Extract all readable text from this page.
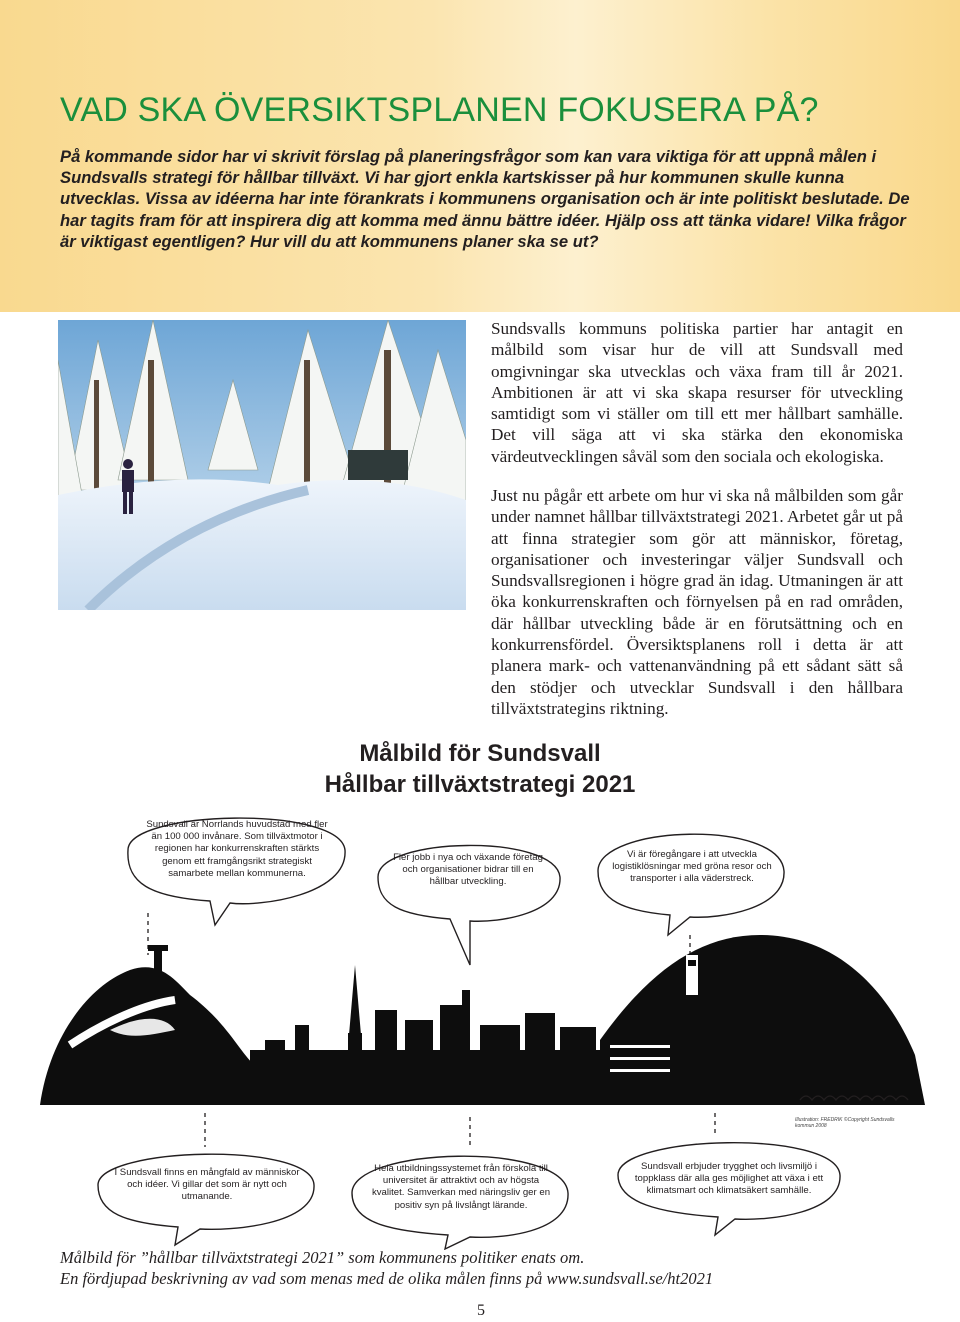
VAD SKA ÖVERSIKTSPLANEN FOKUSERA PÅ?

På kommande sidor har vi skrivit förslag på planeringsfrågor som kan vara viktiga för att uppnå målen i Sundsvalls strategi för hållbar tillväxt. Vi har gjort enkla kartskisser på hur kommunen skulle kunna utvecklas. Vissa av idéerna har inte förankrats i kommunens organisation och är inte politiskt beslutade. De har tagits fram för att inspirera dig att komma med ännu bättre idéer. Hjälp oss att tänka vidare! Vilka frågor är viktigast egentligen? Hur vill du att kommunens planer ska se ut?

Sundsvalls kommuns politiska partier har antagit en målbild som visar hur de vill att Sundsvall med omgivningar ska utvecklas och växa fram till år 2021. Ambitionen är att vi ska skapa resurser för utveckling samtidigt som vi ställer om till ett mer hållbart samhälle. Det vill säga att vi ska stärka den ekonomiska värdeutvecklingen såväl som den sociala och ekologiska.

Just nu pågår ett arbete om hur vi ska nå målbilden som går under namnet hållbar tillväxtstrategi 2021. Arbetet går ut på att finna strategier som gör att människor, företag, organisationer och investeringar väljer Sundsvall och Sundsvallsregionen i högre grad än idag. Utmaningen är att öka konkurrenskraften och förnyelsen på en rad områden, där hållbar utveckling både är en förutsättning och en konkurrensfördel. Översiktsplanens roll i detta är att planera mark- och vattenanvändning på ett sådant sätt så den stödjer och utvecklar Sundsvall i den hållbara tillväxtstrategins riktning.

Målbild för Sundsvall
Hållbar tillväxtstrategi 2021
Sundsvall är Norrlands huvudstad med fler än 100 000 invånare. Som tillväxtmotor i regionen har konkurrenskraften stärkts genom ett framgångsrikt strategiskt samarbete mellan kommunerna.
Fler jobb i nya och växande företag och organisationer bidrar till en hållbar utveckling.
Vi är föregångare i att utveckla logistiklösningar med gröna resor och transporter i alla väderstreck.
I Sundsvall finns en mångfald av människor och idéer. Vi gillar det som är nytt och utmanande.
Hela utbildningssystemet från förskola till universitet är attraktivt och av högsta kvalitet. Samverkan med näringsliv ger en positiv syn på livslångt lärande.
Sundsvall erbjuder trygghet och livsmiljö i toppklass där alla ges möjlighet att växa i ett klimatsmart och klimatsäkert samhälle.
Illustration: FREDRIK ©Copyright Sundsvalls kommun 2008
Målbild för ”hållbar tillväxtstrategi 2021” som kommunens politiker enats om.
En fördjupad beskrivning av vad som menas med de olika målen finns på www.sundsvall.se/ht2021
5
